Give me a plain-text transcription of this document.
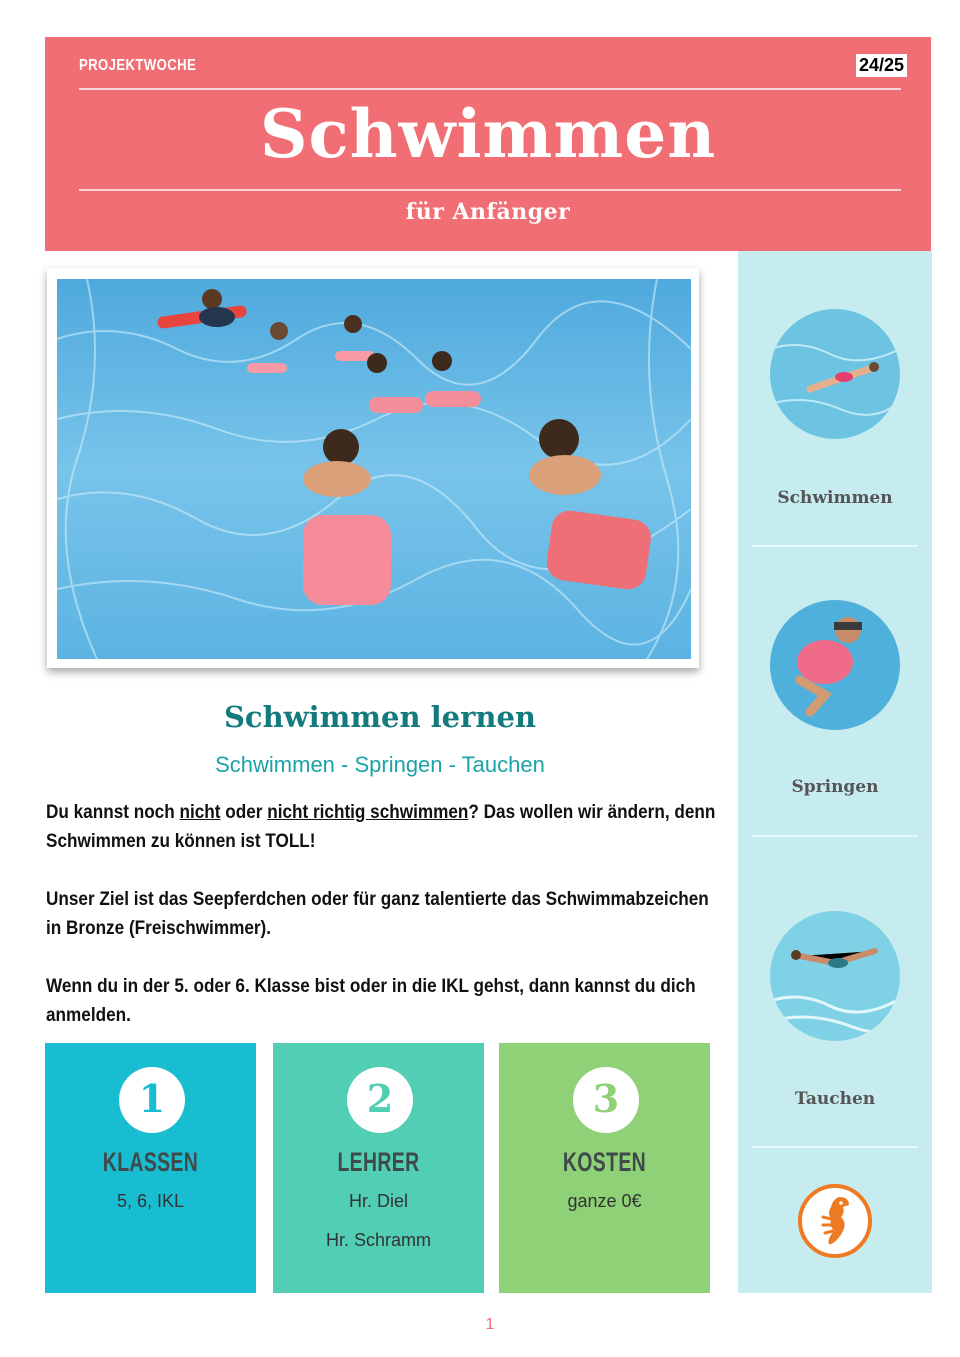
PROJEKTWOCHE	24/25
Schwimmen
für Anfänger
Schwimmen lernen
Schwimmen - Springen - Tauchen

Du kannst noch nicht oder nicht richtig schwimmen? Das wollen wir ändern, denn Schwimmen zu können ist TOLL!

Unser Ziel ist das Seepferdchen oder für ganz talentierte das Schwimmabzeichen in Bronze (Freischwimmer).

Wenn du in der 5. oder 6. Klasse bist oder in die IKL gehst, dann kannst du dich anmelden.

1
KLASSEN
5, 6, IKL
2
LEHRER
Hr. Diel
Hr. Schramm
3
KOSTEN
ganze 0€
Schwimmen
Springen
Tauchen
1
